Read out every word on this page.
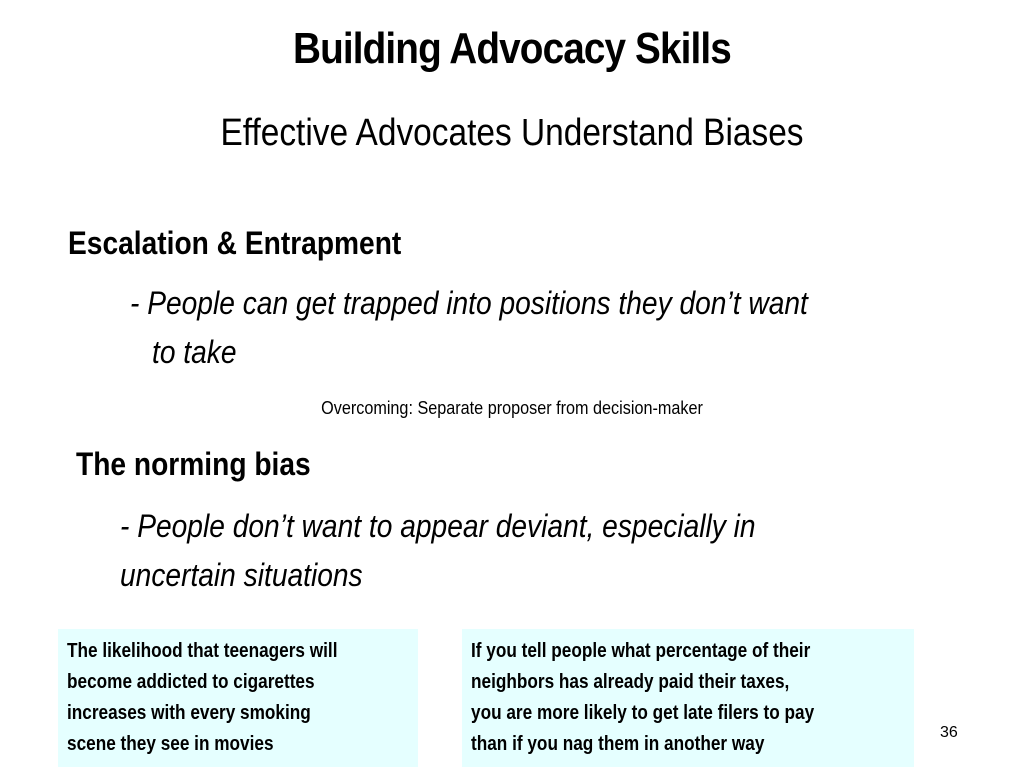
Building Advocacy Skills
Effective Advocates Understand Biases
Escalation & Entrapment
- People can get trapped into positions they don’t want
to take
Overcoming: Separate proposer from decision-maker
The norming bias
- People don’t want to appear deviant, especially in
uncertain situations
The likelihood that teenagers will
become addicted to cigarettes
increases with every smoking
scene they see in movies
If you tell people what percentage of their
neighbors has already paid their taxes,
you are more likely to get late filers to pay
than if you nag them in another way
36
